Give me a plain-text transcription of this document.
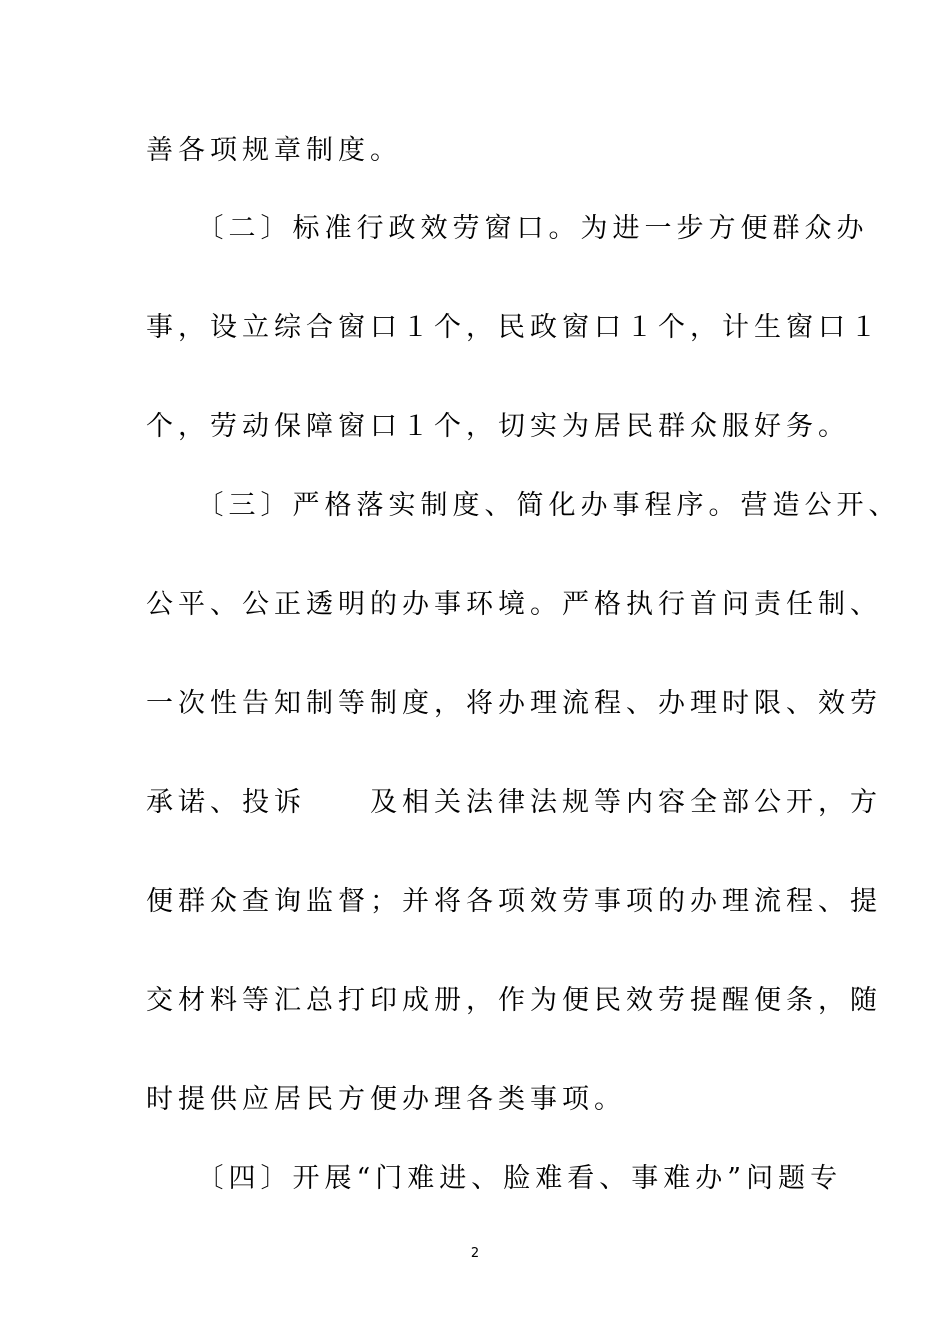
善各项规章制度。
　　〔二〕标准行政效劳窗口。为进一步方便群众办
事，设立综合窗口１个，民政窗口１个，计生窗口１
个，劳动保障窗口１个，切实为居民群众服好务。
　　〔三〕严格落实制度、简化办事程序。营造公开、
公平、公正透明的办事环境。严格执行首问责任制、
一次性告知制等制度，将办理流程、办理时限、效劳
承诺、投诉　　及相关法律法规等内容全部公开，方
便群众查询监督；并将各项效劳事项的办理流程、提
交材料等汇总打印成册，作为便民效劳提醒便条，随
时提供应居民方便办理各类事项。
　　〔四〕开展“门难进、脸难看、事难办”问题专
2
